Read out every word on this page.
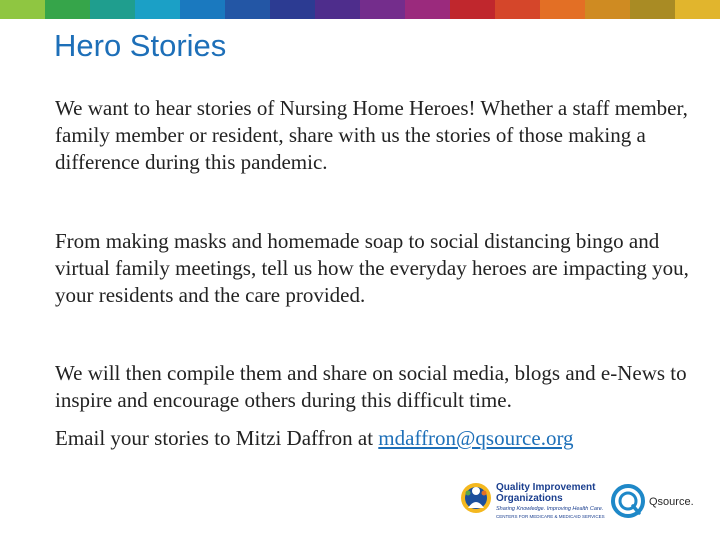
Hero Stories

We want to hear stories of Nursing Home Heroes! Whether a staff member, family member or resident, share with us the stories of those making a difference during this pandemic.

From making masks and homemade soap to social distancing bingo and virtual family meetings, tell us how the everyday heroes are impacting you, your residents and the care provided.

We will then compile them and share on social media, blogs and e-News to inspire and encourage others during this difficult time.

Email your stories to Mitzi Daffron at mdaffron@qsource.org

Quality Improvement Organizations
Sharing Knowledge. Improving Health Care.
CENTERS FOR MEDICARE & MEDICAID SERVICES
Qsource.
